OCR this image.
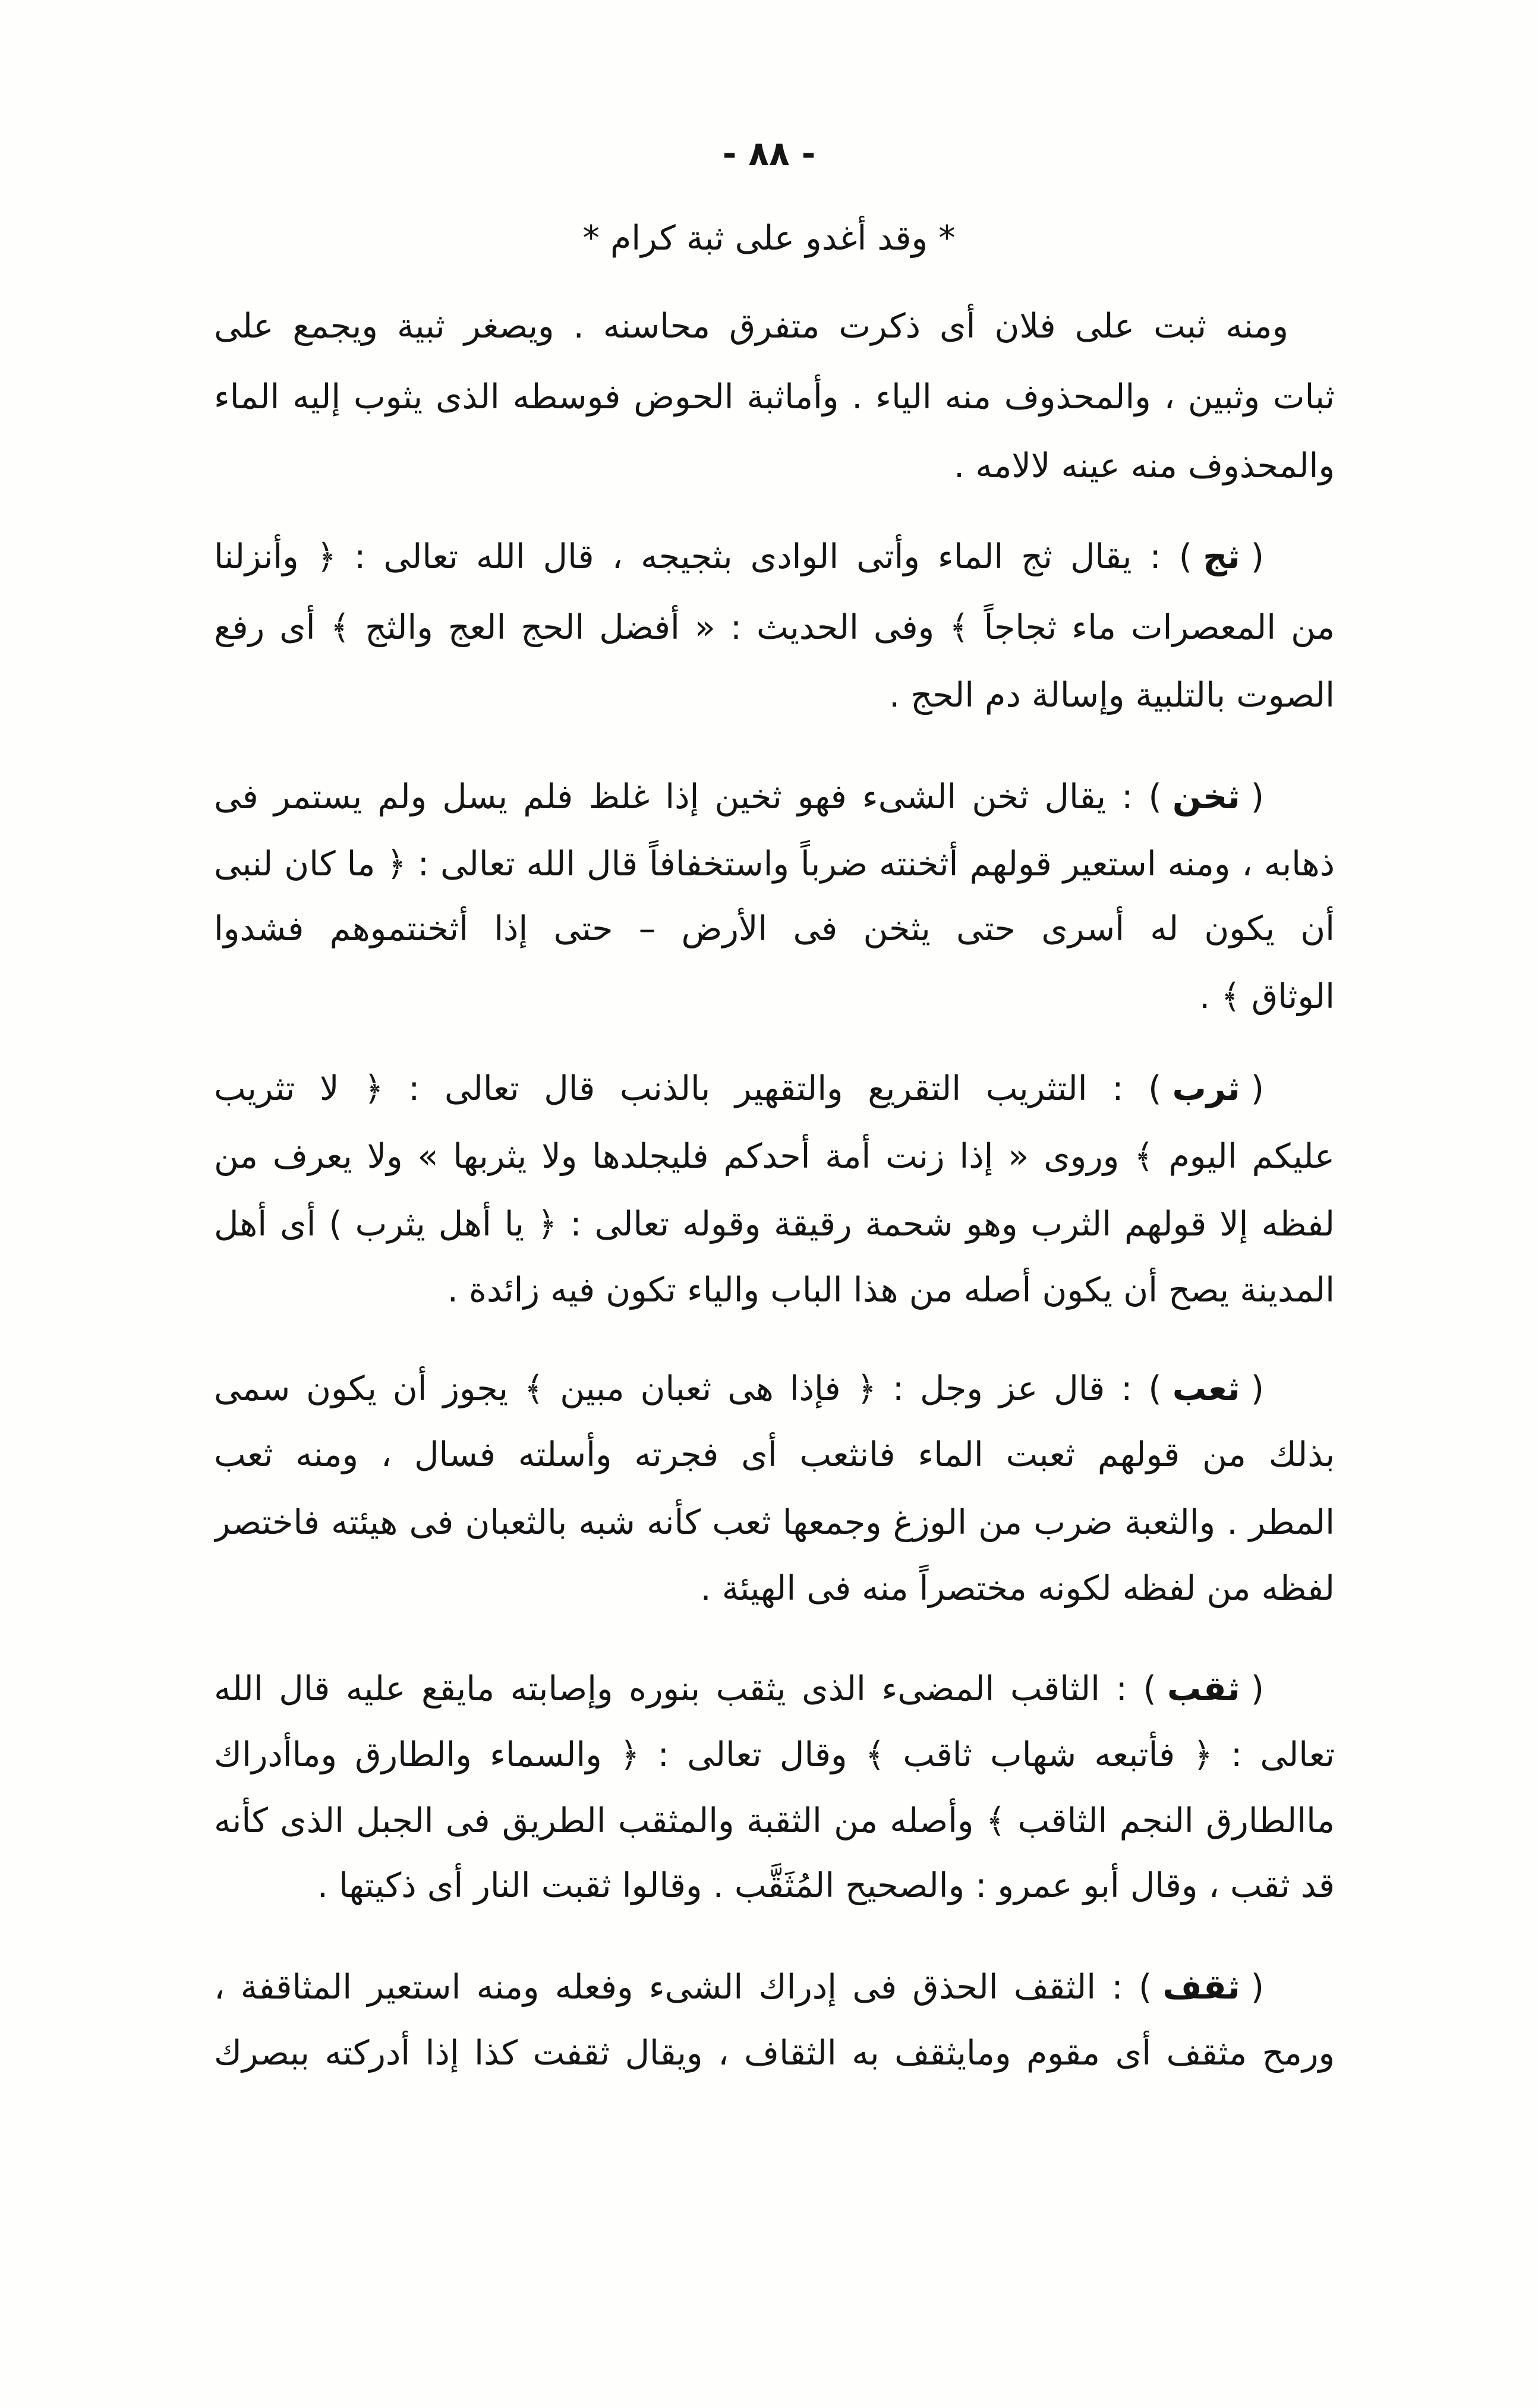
- ٨٨ -
* وقد أغدو على ثبة كرام *
ومنه ثبت على فلان أى ذكرت متفرق محاسنه . ويصغر ثبية ويجمع على
ثبات وثبين ، والمحذوف منه الياء . وأماثبة الحوض فوسطه الذى يثوب إليه الماء
والمحذوف منه عينه لالامه .
( ثج ) : يقال ثج الماء وأتى الوادى بثجيجه ، قال الله تعالى : ﴿ وأنزلنا
من المعصرات ماء ثجاجاً ﴾ وفى الحديث : « أفضل الحج العج والثج ﴾ أى رفع
الصوت بالتلبية وإسالة دم الحج .
( ثخن ) : يقال ثخن الشىء فهو ثخين إذا غلظ فلم يسل ولم يستمر فى
ذهابه ، ومنه استعير قولهم أثخنته ضرباً واستخفافاً قال الله تعالى : ﴿ ما كان لنبى
أن يكون له أسرى حتى يثخن فى الأرض – حتى إذا أثخنتموهم فشدوا
الوثاق ﴾ .
( ثرب ) : التثريب التقريع والتقهير بالذنب قال تعالى : ﴿ لا تثريب
عليكم اليوم ﴾ وروى « إذا زنت أمة أحدكم فليجلدها ولا يثربها » ولا يعرف من
لفظه إلا قولهم الثرب وهو شحمة رقيقة وقوله تعالى : ﴿ يا أهل يثرب ) أى أهل
المدينة يصح أن يكون أصله من هذا الباب والياء تكون فيه زائدة .
( ثعب ) : قال عز وجل : ﴿ فإذا هى ثعبان مبين ﴾ يجوز أن يكون سمى
بذلك من قولهم ثعبت الماء فانثعب أى فجرته وأسلته فسال ، ومنه ثعب
المطر . والثعبة ضرب من الوزغ وجمعها ثعب كأنه شبه بالثعبان فى هيئته فاختصر
لفظه من لفظه لكونه مختصراً منه فى الهيئة .
( ثقب ) : الثاقب المضىء الذى يثقب بنوره وإصابته مايقع عليه قال الله
تعالى : ﴿ فأتبعه شهاب ثاقب ﴾ وقال تعالى : ﴿ والسماء والطارق وماأدراك
ماالطارق النجم الثاقب ﴾ وأصله من الثقبة والمثقب الطريق فى الجبل الذى كأنه
قد ثقب ، وقال أبو عمرو : والصحيح المُثَقَّب . وقالوا ثقبت النار أى ذكيتها .
( ثقف ) : الثقف الحذق فى إدراك الشىء وفعله ومنه استعير المثاقفة ،
ورمح مثقف أى مقوم ومايثقف به الثقاف ، ويقال ثقفت كذا إذا أدركته ببصرك
